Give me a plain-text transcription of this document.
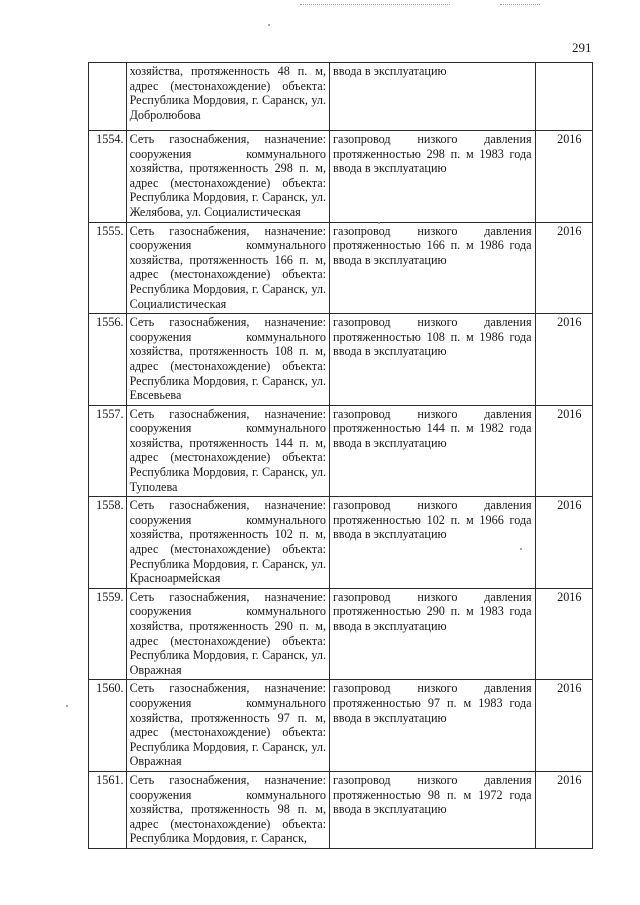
291
	хозяйства, протяженность 48 п. м, адрес (местонахождение) объекта: Республика Мордовия, г. Саранск, ул. Добролюбова	ввода в эксплуатацию	
1554.	Сеть газоснабжения, назначение: сооружения коммунального хозяйства, протяженность 298 п. м, адрес (местонахождение) объекта: Республика Мордовия, г. Саранск, ул. Желябова, ул. Социалистическая	газопровод низкого давления протяженностью 298 п. м 1983 года ввода в эксплуатацию	2016
1555.	Сеть газоснабжения, назначение: сооружения коммунального хозяйства, протяженность 166 п. м, адрес (местонахождение) объекта: Республика Мордовия, г. Саранск, ул. Социалистическая	газопровод низкого давления протяженностью 166 п. м 1986 года ввода в эксплуатацию	2016
1556.	Сеть газоснабжения, назначение: сооружения коммунального хозяйства, протяженность 108 п. м, адрес (местонахождение) объекта: Республика Мордовия, г. Саранск, ул. Евсевьева	газопровод низкого давления протяженностью 108 п. м 1986 года ввода в эксплуатацию	2016
1557.	Сеть газоснабжения, назначение: сооружения коммунального хозяйства, протяженность 144 п. м, адрес (местонахождение) объекта: Республика Мордовия, г. Саранск, ул. Туполева	газопровод низкого давления протяженностью 144 п. м 1982 года ввода в эксплуатацию	2016
1558.	Сеть газоснабжения, назначение: сооружения коммунального хозяйства, протяженность 102 п. м, адрес (местонахождение) объекта: Республика Мордовия, г. Саранск, ул. Красноармейская	газопровод низкого давления протяженностью 102 п. м 1966 года ввода в эксплуатацию	2016
1559.	Сеть газоснабжения, назначение: сооружения коммунального хозяйства, протяженность 290 п. м, адрес (местонахождение) объекта: Республика Мордовия, г. Саранск, ул. Овражная	газопровод низкого давления протяженностью 290 п. м 1983 года ввода в эксплуатацию	2016
1560.	Сеть газоснабжения, назначение: сооружения коммунального хозяйства, протяженность 97 п. м, адрес (местонахождение) объекта: Республика Мордовия, г. Саранск, ул. Овражная	газопровод низкого давления протяженностью 97 п. м 1983 года ввода в эксплуатацию	2016
1561.	Сеть газоснабжения, назначение: сооружения коммунального хозяйства, протяженность 98 п. м, адрес (местонахождение) объекта: Республика Мордовия, г. Саранск,	газопровод низкого давления протяженностью 98 п. м 1972 года ввода в эксплуатацию	2016
